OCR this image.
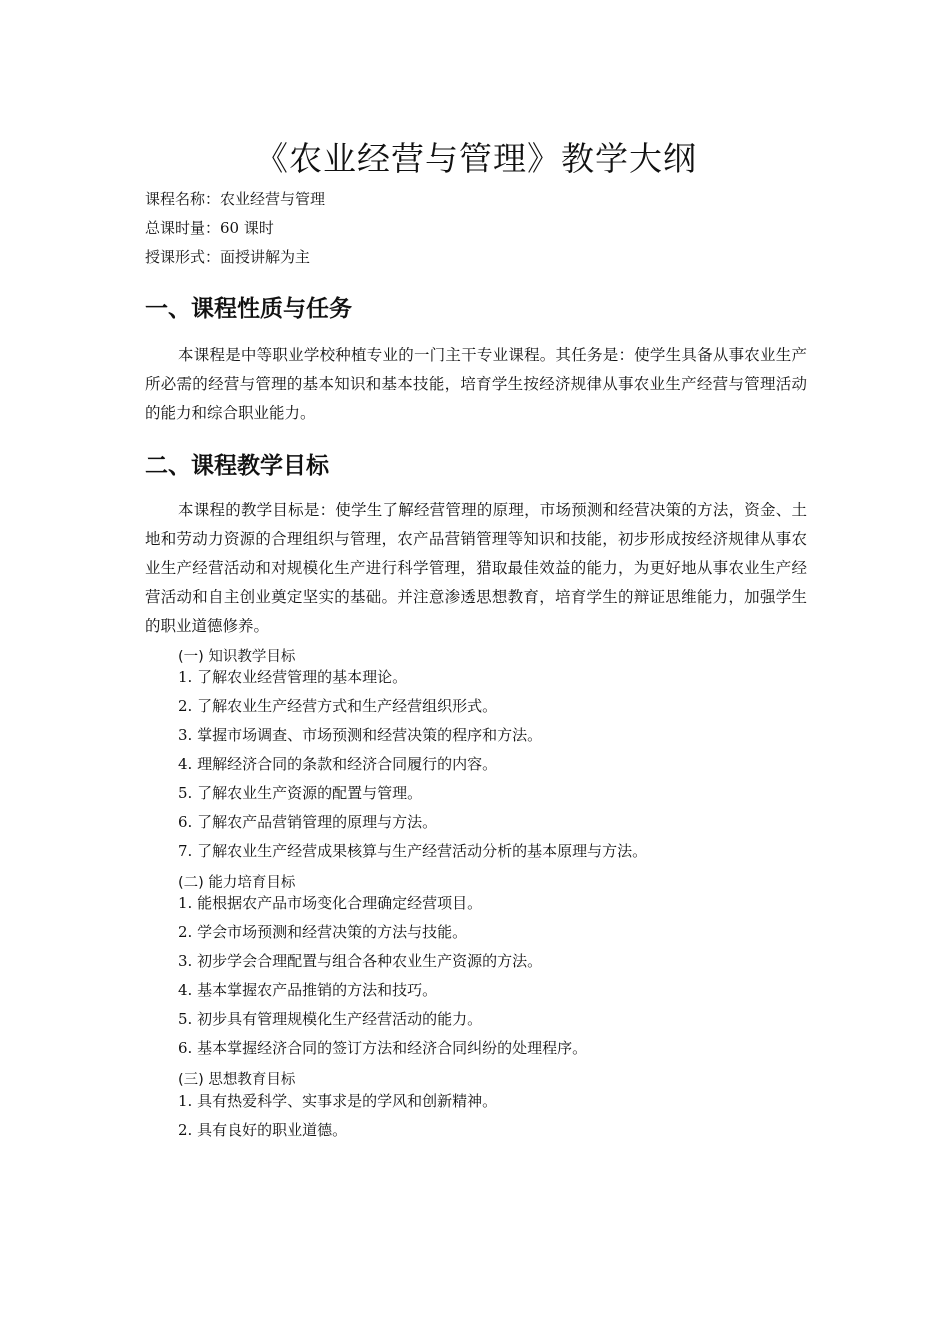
《农业经营与管理》教学大纲
课程名称：农业经营与管理
总课时量：60 课时
授课形式：面授讲解为主
一、课程性质与任务
本课程是中等职业学校种植专业的一门主干专业课程。其任务是：使学生具备从事农业生产所必需的经营与管理的基本知识和基本技能，培育学生按经济规律从事农业生产经营与管理活动的能力和综合职业能力。
二、课程教学目标
本课程的教学目标是：使学生了解经营管理的原理，市场预测和经营决策的方法，资金、土地和劳动力资源的合理组织与管理，农产品营销管理等知识和技能，初步形成按经济规律从事农业生产经营活动和对规模化生产进行科学管理，猎取最佳效益的能力，为更好地从事农业生产经营活动和自主创业奠定坚实的基础。并注意渗透思想教育，培育学生的辩证思维能力，加强学生的职业道德修养。
(一) 知识教学目标
1. 了解农业经营管理的基本理论。
2. 了解农业生产经营方式和生产经营组织形式。
3. 掌握市场调查、市场预测和经营决策的程序和方法。
4. 理解经济合同的条款和经济合同履行的内容。
5. 了解农业生产资源的配置与管理。
6. 了解农产品营销管理的原理与方法。
7. 了解农业生产经营成果核算与生产经营活动分析的基本原理与方法。
(二) 能力培育目标
1. 能根据农产品市场变化合理确定经营项目。
2. 学会市场预测和经营决策的方法与技能。
3. 初步学会合理配置与组合各种农业生产资源的方法。
4. 基本掌握农产品推销的方法和技巧。
5. 初步具有管理规模化生产经营活动的能力。
6. 基本掌握经济合同的签订方法和经济合同纠纷的处理程序。
(三) 思想教育目标
1. 具有热爱科学、实事求是的学风和创新精神。
2. 具有良好的职业道德。
